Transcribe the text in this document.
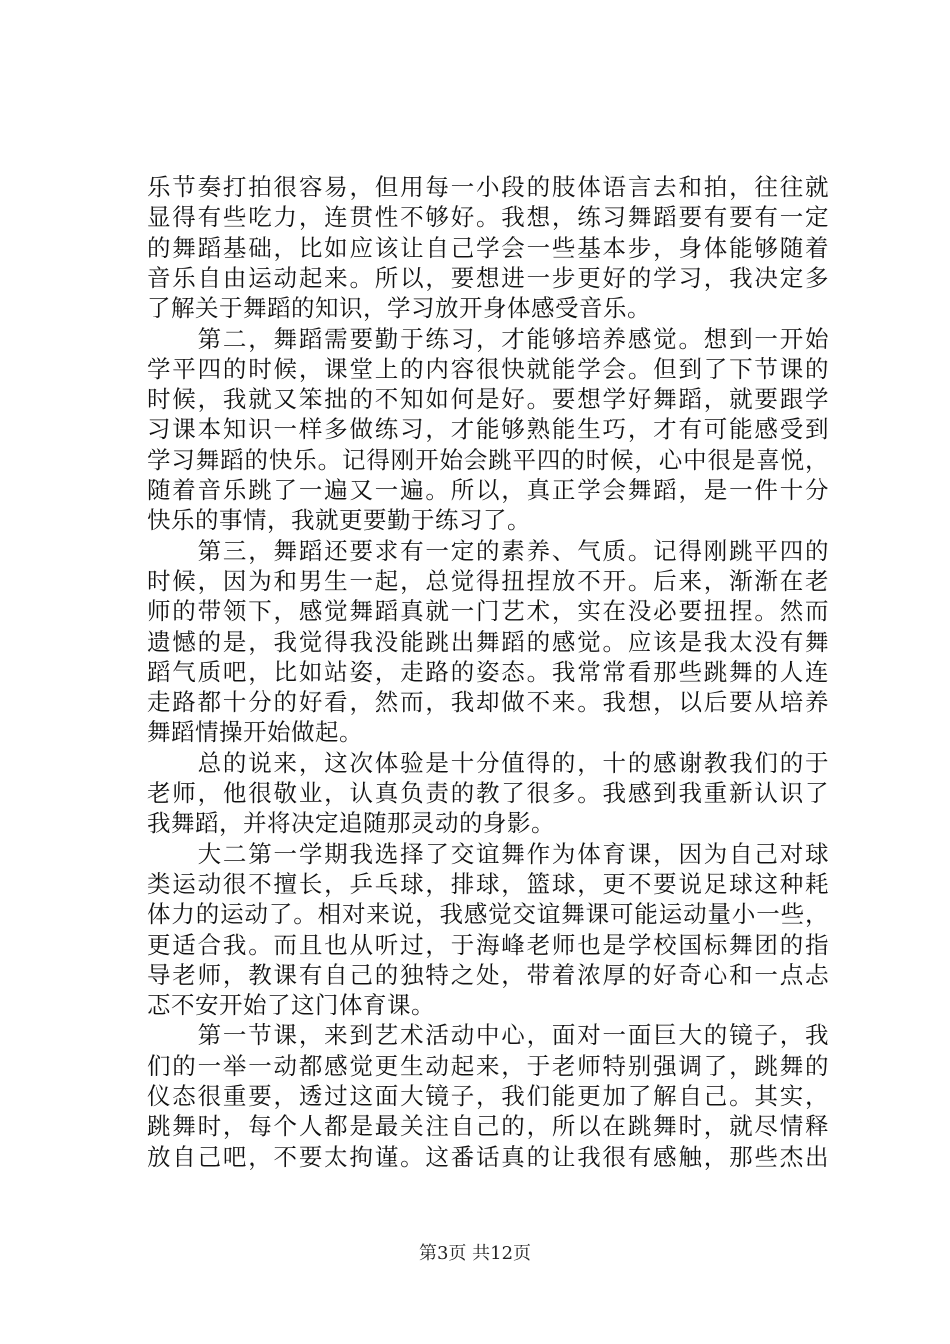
乐节奏打拍很容易，但用每一小段的肢体语言去和拍，往往就
显得有些吃力，连贯性不够好。我想，练习舞蹈要有要有一定
的舞蹈基础，比如应该让自己学会一些基本步，身体能够随着
音乐自由运动起来。所以，要想进一步更好的学习，我决定多
了解关于舞蹈的知识，学习放开身体感受音乐。
　　第二，舞蹈需要勤于练习，才能够培养感觉。想到一开始
学平四的时候，课堂上的内容很快就能学会。但到了下节课的
时候，我就又笨拙的不知如何是好。要想学好舞蹈，就要跟学
习课本知识一样多做练习，才能够熟能生巧，才有可能感受到
学习舞蹈的快乐。记得刚开始会跳平四的时候，心中很是喜悦，
随着音乐跳了一遍又一遍。所以，真正学会舞蹈，是一件十分
快乐的事情，我就更要勤于练习了。
　　第三，舞蹈还要求有一定的素养、气质。记得刚跳平四的
时候，因为和男生一起，总觉得扭捏放不开。后来，渐渐在老
师的带领下，感觉舞蹈真就一门艺术，实在没必要扭捏。然而
遗憾的是，我觉得我没能跳出舞蹈的感觉。应该是我太没有舞
蹈气质吧，比如站姿，走路的姿态。我常常看那些跳舞的人连
走路都十分的好看，然而，我却做不来。我想，以后要从培养
舞蹈情操开始做起。
　　总的说来，这次体验是十分值得的，十的感谢教我们的于
老师，他很敬业，认真负责的教了很多。我感到我重新认识了
我舞蹈，并将决定追随那灵动的身影。
　　大二第一学期我选择了交谊舞作为体育课，因为自己对球
类运动很不擅长，乒乓球，排球，篮球，更不要说足球这种耗
体力的运动了。相对来说，我感觉交谊舞课可能运动量小一些，
更适合我。而且也从听过，于海峰老师也是学校国标舞团的指
导老师，教课有自己的独特之处，带着浓厚的好奇心和一点忐
忑不安开始了这门体育课。
　　第一节课，来到艺术活动中心，面对一面巨大的镜子，我
们的一举一动都感觉更生动起来，于老师特别强调了，跳舞的
仪态很重要，透过这面大镜子，我们能更加了解自己。其实，
跳舞时，每个人都是最关注自己的，所以在跳舞时，就尽情释
放自己吧，不要太拘谨。这番话真的让我很有感触，那些杰出
第3页 共12页
